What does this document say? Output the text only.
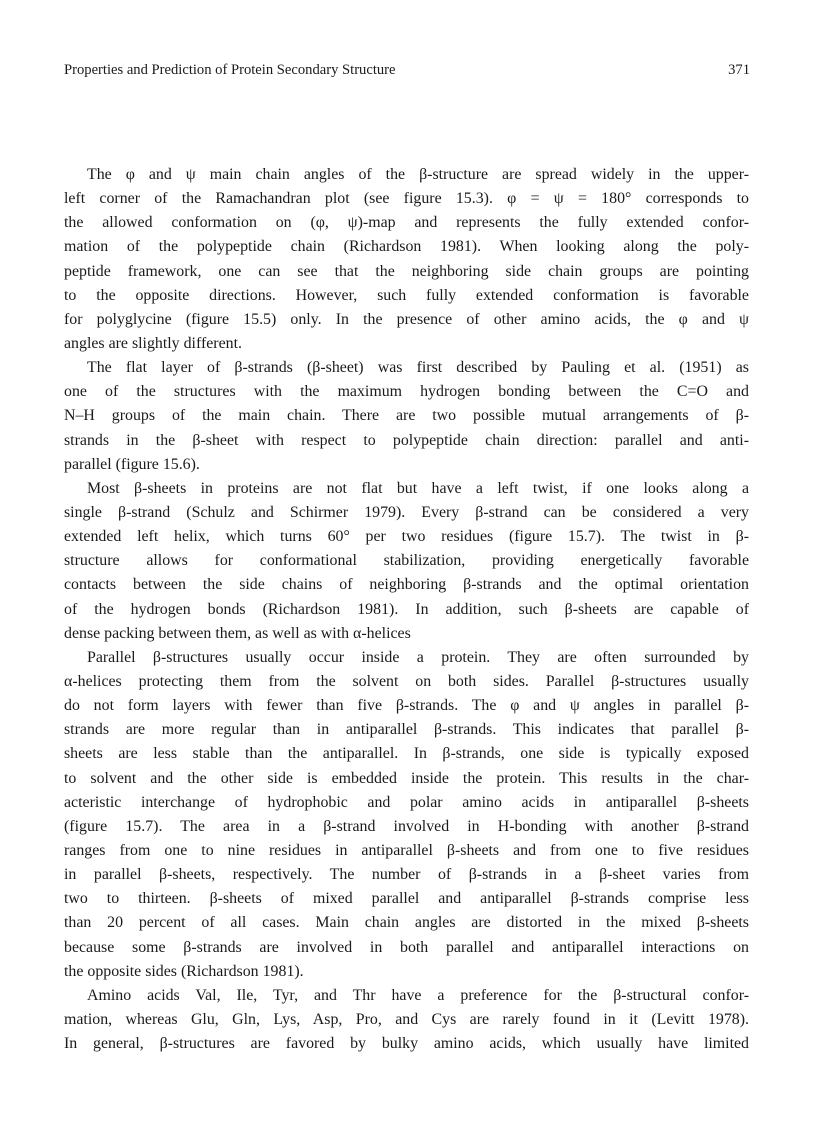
Properties and Prediction of Protein Secondary Structure	371
The φ and ψ main chain angles of the β-structure are spread widely in the upper-
left corner of the Ramachandran plot (see figure 15.3). φ = ψ = 180° corresponds to
the allowed conformation on (φ, ψ)-map and represents the fully extended confor-
mation of the polypeptide chain (Richardson 1981). When looking along the poly-
peptide framework, one can see that the neighboring side chain groups are pointing
to the opposite directions. However, such fully extended conformation is favorable
for polyglycine (figure 15.5) only. In the presence of other amino acids, the φ and ψ
angles are slightly different.
The flat layer of β-strands (β-sheet) was first described by Pauling et al. (1951) as
one of the structures with the maximum hydrogen bonding between the C=O and
N–H groups of the main chain. There are two possible mutual arrangements of β-
strands in the β-sheet with respect to polypeptide chain direction: parallel and anti-
parallel (figure 15.6).
Most β-sheets in proteins are not flat but have a left twist, if one looks along a
single β-strand (Schulz and Schirmer 1979). Every β-strand can be considered a very
extended left helix, which turns 60° per two residues (figure 15.7). The twist in β-
structure allows for conformational stabilization, providing energetically favorable
contacts between the side chains of neighboring β-strands and the optimal orientation
of the hydrogen bonds (Richardson 1981). In addition, such β-sheets are capable of
dense packing between them, as well as with α-helices
Parallel β-structures usually occur inside a protein. They are often surrounded by
α-helices protecting them from the solvent on both sides. Parallel β-structures usually
do not form layers with fewer than five β-strands. The φ and ψ angles in parallel β-
strands are more regular than in antiparallel β-strands. This indicates that parallel β-
sheets are less stable than the antiparallel. In β-strands, one side is typically exposed
to solvent and the other side is embedded inside the protein. This results in the char-
acteristic interchange of hydrophobic and polar amino acids in antiparallel β-sheets
(figure 15.7). The area in a β-strand involved in H-bonding with another β-strand
ranges from one to nine residues in antiparallel β-sheets and from one to five residues
in parallel β-sheets, respectively. The number of β-strands in a β-sheet varies from
two to thirteen. β-sheets of mixed parallel and antiparallel β-strands comprise less
than 20 percent of all cases. Main chain angles are distorted in the mixed β-sheets
because some β-strands are involved in both parallel and antiparallel interactions on
the opposite sides (Richardson 1981).
Amino acids Val, Ile, Tyr, and Thr have a preference for the β-structural confor-
mation, whereas Glu, Gln, Lys, Asp, Pro, and Cys are rarely found in it (Levitt 1978).
In general, β-structures are favored by bulky amino acids, which usually have limited
